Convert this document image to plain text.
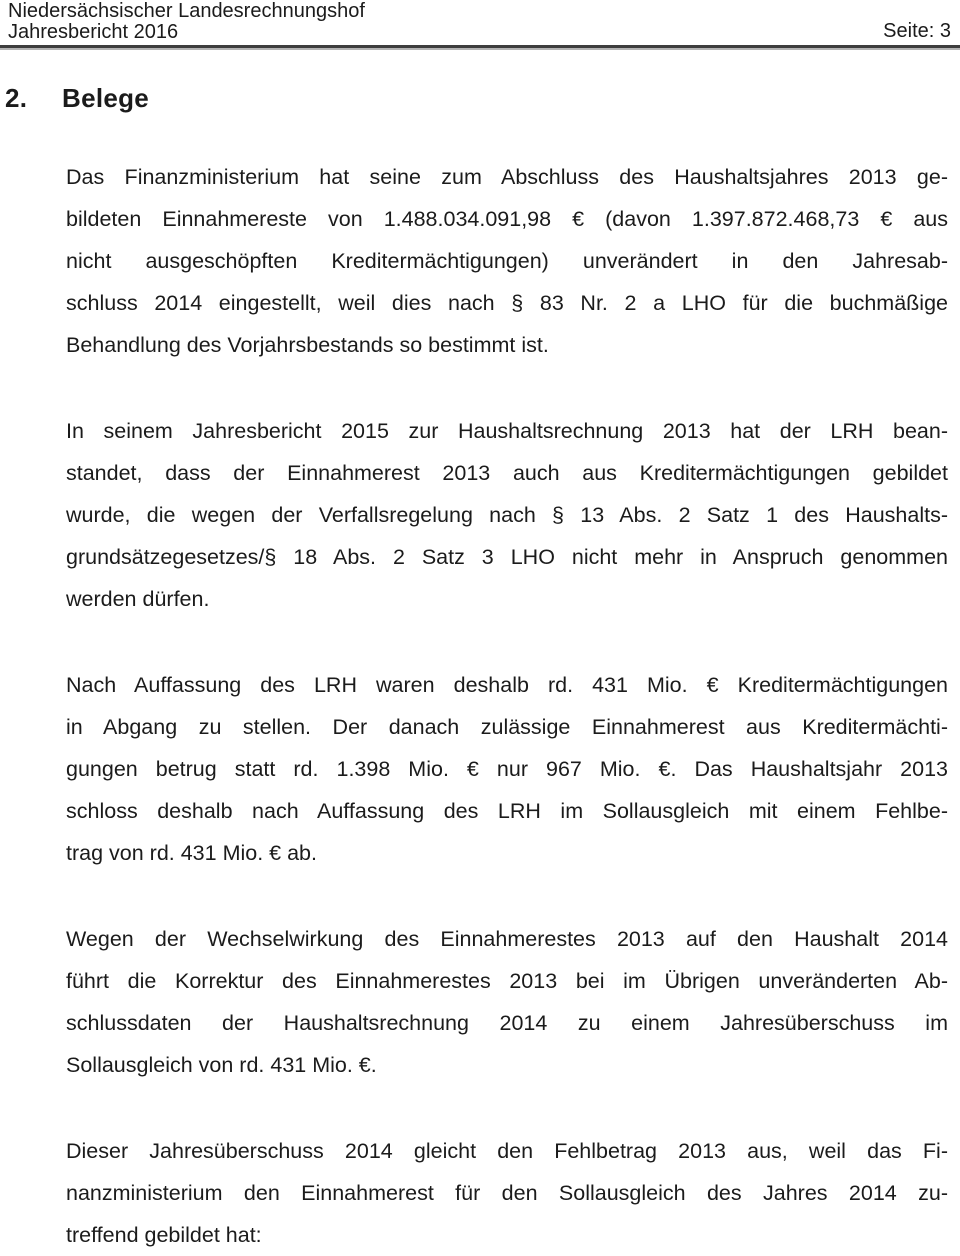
Niedersächsischer Landesrechnungshof
Jahresbericht 2016	Seite: 3
2.	Belege
Das Finanzministerium hat seine zum Abschluss des Haushaltsjahres 2013 ge-
bildeten Einnahmereste von 1.488.034.091,98 € (davon 1.397.872.468,73 € aus
nicht ausgeschöpften Kreditermächtigungen) unverändert in den Jahresab-
schluss 2014 eingestellt, weil dies nach § 83 Nr. 2 a LHO für die buchmäßige
Behandlung des Vorjahrsbestands so bestimmt ist.
In seinem Jahresbericht 2015 zur Haushaltsrechnung 2013 hat der LRH bean-
standet, dass der Einnahmerest 2013 auch aus Kreditermächtigungen gebildet
wurde, die wegen der Verfallsregelung nach § 13 Abs. 2 Satz 1 des Haushalts-
grundsätzegesetzes/§ 18 Abs. 2 Satz 3 LHO nicht mehr in Anspruch genommen
werden dürfen.
Nach Auffassung des LRH waren deshalb rd. 431 Mio. € Kreditermächtigungen
in Abgang zu stellen. Der danach zulässige Einnahmerest aus Kreditermächti-
gungen betrug statt rd. 1.398 Mio. € nur 967 Mio. €. Das Haushaltsjahr 2013
schloss deshalb nach Auffassung des LRH im Sollausgleich mit einem Fehlbe-
trag von rd. 431 Mio. € ab.
Wegen der Wechselwirkung des Einnahmerestes 2013 auf den Haushalt 2014
führt die Korrektur des Einnahmerestes 2013 bei im Übrigen unveränderten Ab-
schlussdaten der Haushaltsrechnung 2014 zu einem Jahresüberschuss im
Sollausgleich von rd. 431 Mio. €.
Dieser Jahresüberschuss 2014 gleicht den Fehlbetrag 2013 aus, weil das Fi-
nanzministerium den Einnahmerest für den Sollausgleich des Jahres 2014 zu-
treffend gebildet hat:
